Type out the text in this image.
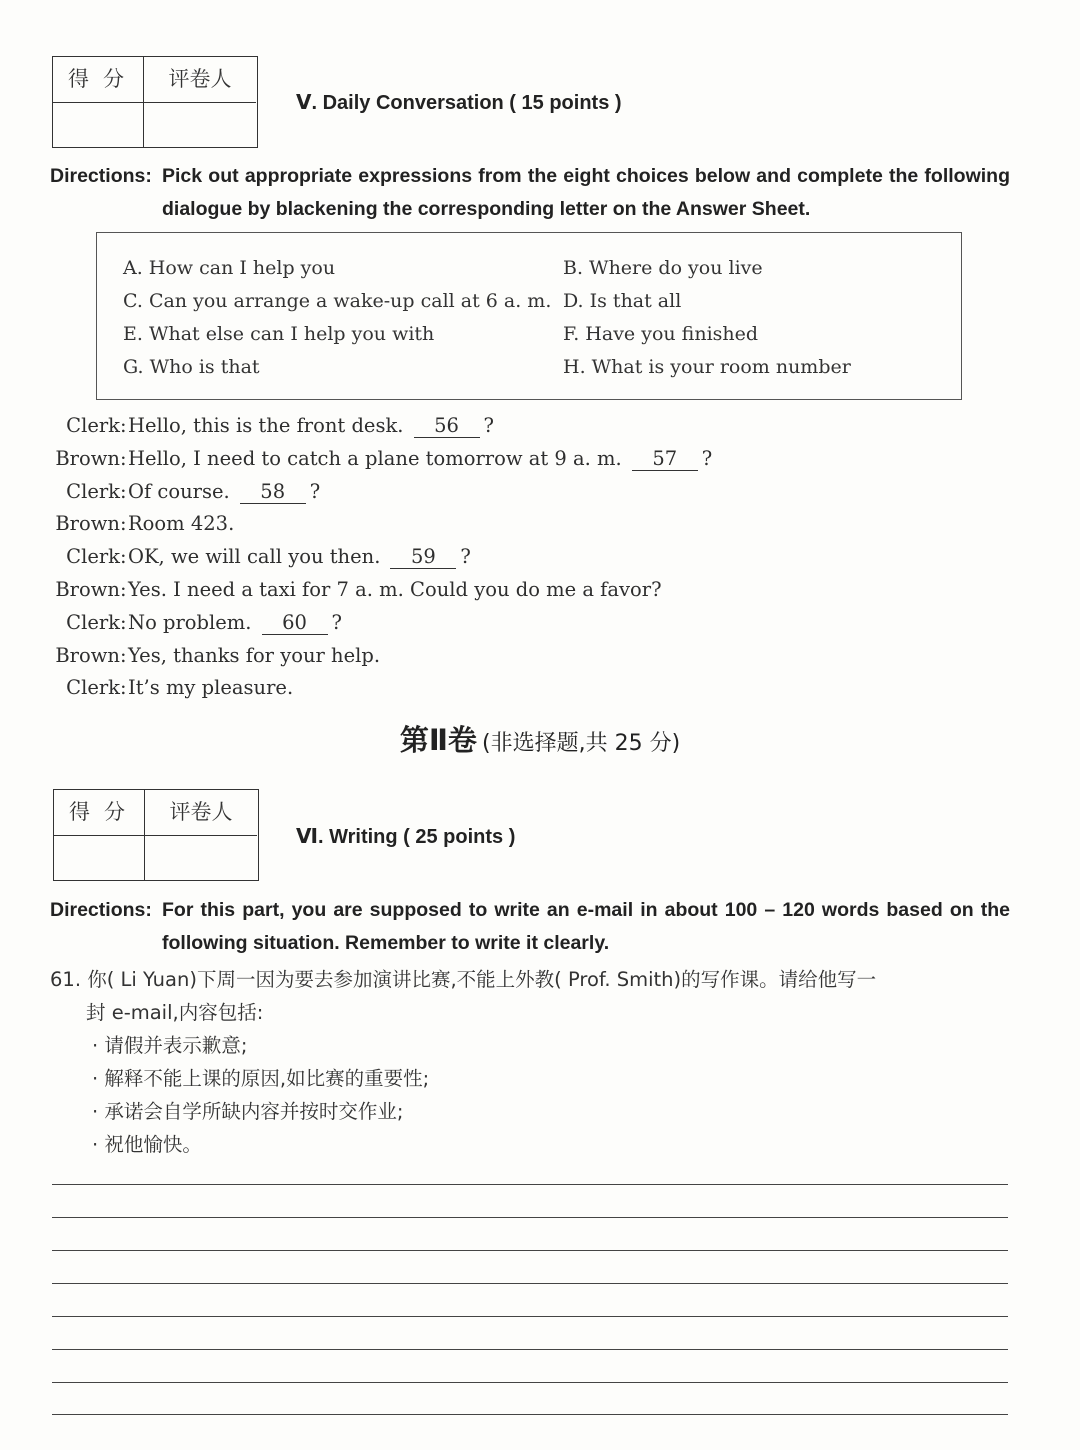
得分	评卷人
Ⅴ. Daily Conversation ( 15 points )
Directions: Pick out appropriate expressions from the eight choices below and complete the following dialogue by blackening the corresponding letter on the Answer Sheet.
A. How can I help you	B. Where do you live
C. Can you arrange a wake-up call at 6 a. m. D. Is that all
E. What else can I help you with	F. Have you finished
G. Who is that	H. What is your room number
Clerk:Hello, this is the front desk. 56 ?
Brown:Hello, I need to catch a plane tomorrow at 9 a. m. 57 ?
Clerk:Of course. 58 ?
Brown:Room 423.
Clerk:OK, we will call you then. 59 ?
Brown:Yes. I need a taxi for 7 a. m. Could you do me a favor?
Clerk:No problem. 60 ?
Brown:Yes, thanks for your help.
Clerk:It’s my pleasure.
第Ⅱ卷 (非选择题,共 25 分)
得分	评卷人
Ⅵ. Writing ( 25 points )
Directions: For this part, you are supposed to write an e-mail in about 100 – 120 words based on the following situation. Remember to write it clearly.
61. 你( Li Yuan)下周一因为要去参加演讲比赛,不能上外教( Prof. Smith)的写作课。请给他写一
封 e-mail,内容包括:
· 请假并表示歉意;
· 解释不能上课的原因,如比赛的重要性;
· 承诺会自学所缺内容并按时交作业;
· 祝他愉快。
